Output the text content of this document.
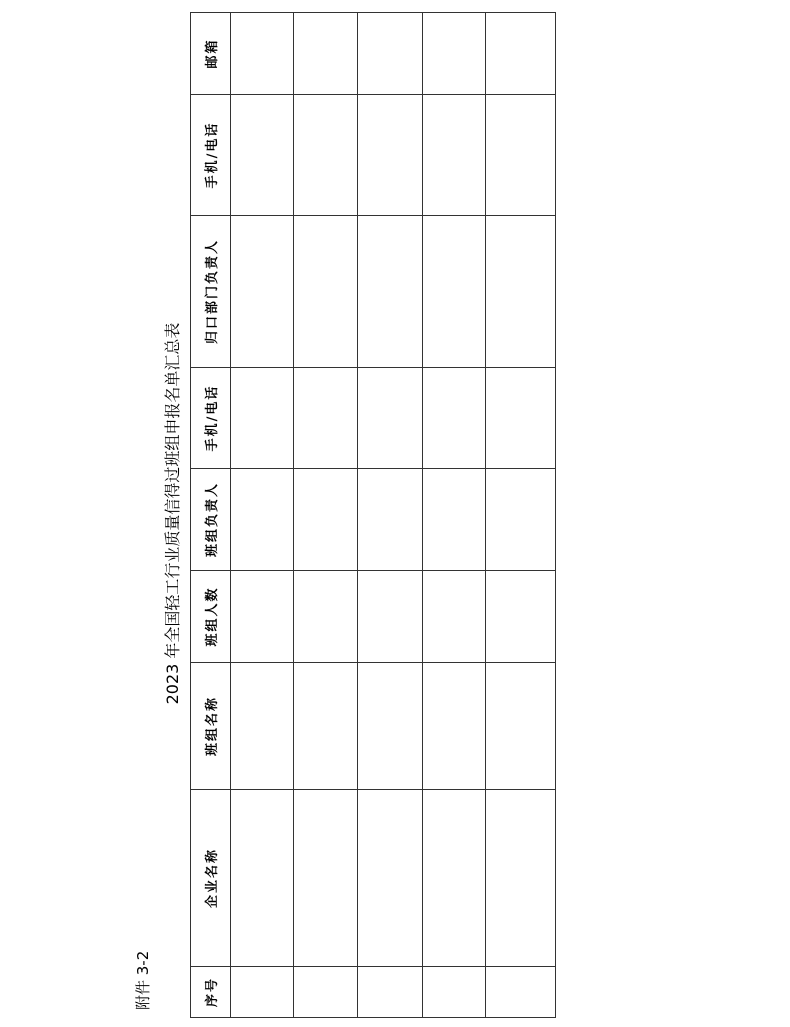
附件 3-2
2023 年全国轻工行业质量信得过班组申报名单汇总表
序号	企业名称	班组名称	班组人数	班组负责人	手机/电话	归口部门负责人	手机/电话	邮箱
